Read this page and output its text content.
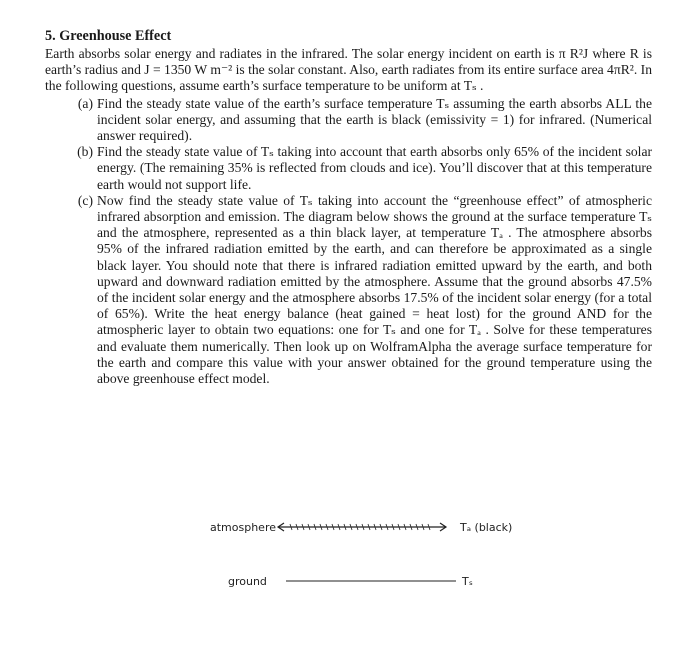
5. Greenhouse Effect

Earth absorbs solar energy and radiates in the infrared. The solar energy incident on earth is π R²J where R is earth’s radius and J = 1350 W m⁻² is the solar constant. Also, earth radiates from its entire surface area 4πR². In the following questions, assume earth’s surface temperature to be uniform at Tₛ .

(a) Find the steady state value of the earth’s surface temperature Tₛ assuming the earth absorbs ALL the incident solar energy, and assuming that the earth is black (emissivity = 1) for infrared. (Numerical answer required).
(b) Find the steady state value of Tₛ taking into account that earth absorbs only 65% of the incident solar energy. (The remaining 35% is reflected from clouds and ice). You’ll discover that at this temperature earth would not support life.
(c) Now find the steady state value of Tₛ taking into account the “greenhouse effect” of atmospheric infrared absorption and emission. The diagram below shows the ground at the surface temperature Tₛ and the atmosphere, represented as a thin black layer, at temperature Tₐ . The atmosphere absorbs 95% of the infrared radiation emitted by the earth, and can therefore be approximated as a single black layer. You should note that there is infrared radiation emitted upward by the earth, and both upward and downward radiation emitted by the atmosphere. Assume that the ground absorbs 47.5% of the incident solar energy and the atmosphere absorbs 17.5% of the incident solar energy (for a total of 65%). Write the heat energy balance (heat gained = heat lost) for the ground AND for the atmospheric layer to obtain two equations: one for Tₛ and one for Tₐ . Solve for these temperatures and evaluate them numerically. Then look up on WolframAlpha the average surface temperature for the earth and compare this value with your answer obtained for the ground temperature using the above greenhouse effect model.
atmosphere	Tₐ (black)
ground	Tₛ
